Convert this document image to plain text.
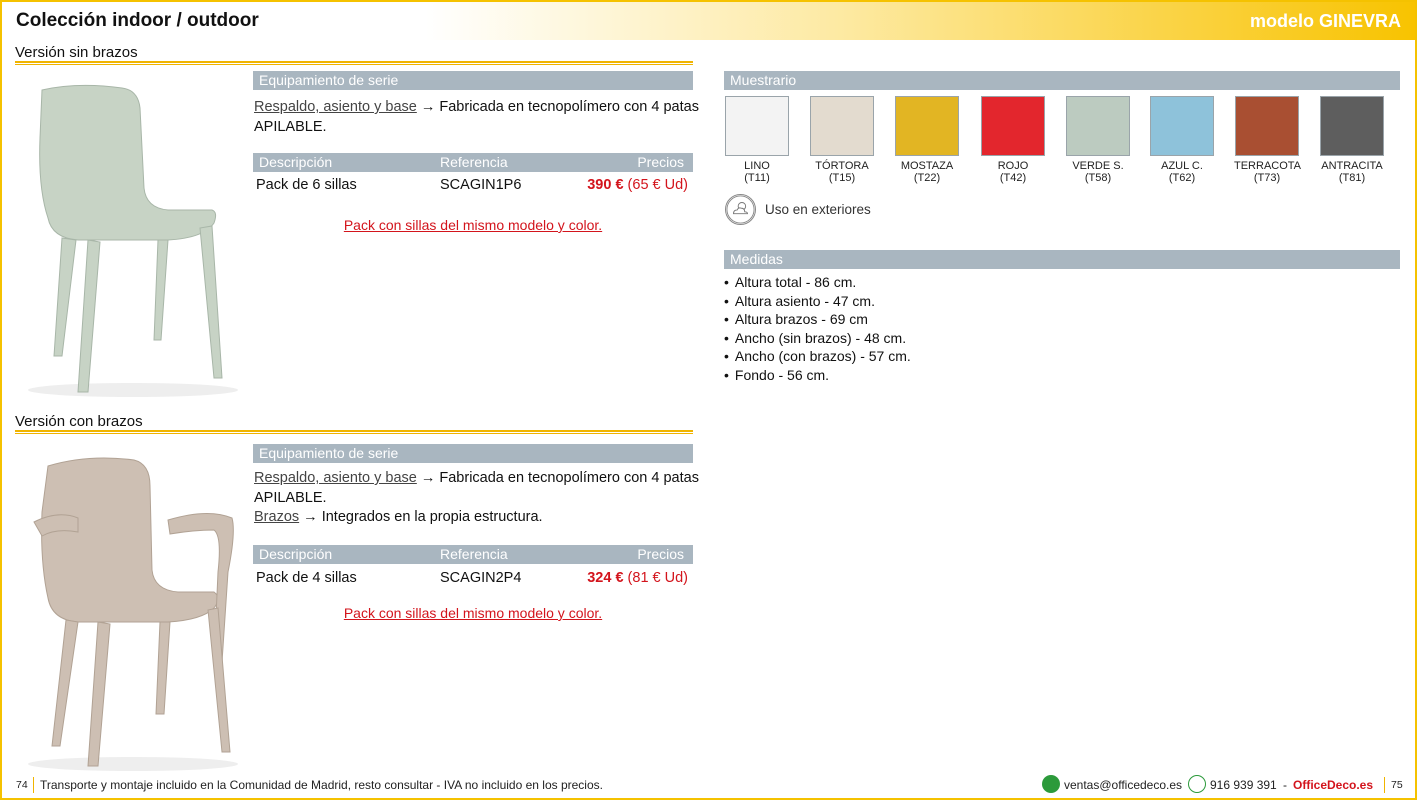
Colección indoor / outdoor	modelo GINEVRA
Versión sin brazos
Equipamiento de serie
Respaldo, asiento y base → Fabricada en tecnopolímero con 4 patas
APILABLE.
Descripción	Referencia	Precios
Pack de 6 sillas	SCAGIN1P6	390 € (65 € Ud)
Pack con sillas del mismo modelo y color.
Versión con brazos
Equipamiento de serie
Respaldo, asiento y base → Fabricada en tecnopolímero con 4 patas
APILABLE.
Brazos → Integrados en la propia estructura.
Descripción	Referencia	Precios
Pack de 4 sillas	SCAGIN2P4	324 € (81 € Ud)
Pack con sillas del mismo modelo y color.
Muestrario
LINO
(T11)
TÓRTORA
(T15)
MOSTAZA
(T22)
ROJO
(T42)
VERDE S.
(T58)
AZUL C.
(T62)
TERRACOTA
(T73)
ANTRACITA
(T81)
Uso en exteriores
Medidas
• Altura total - 86 cm.
• Altura asiento - 47 cm.
• Altura brazos - 69 cm
• Ancho (sin brazos) - 48 cm.
• Ancho (con brazos) - 57 cm.
• Fondo - 56 cm.
74 Transporte y montaje incluido en la Comunidad de Madrid, resto consultar - IVA no incluido en los precios.	ventas@officedeco.es 916 939 391 - OfficeDeco.es 75
